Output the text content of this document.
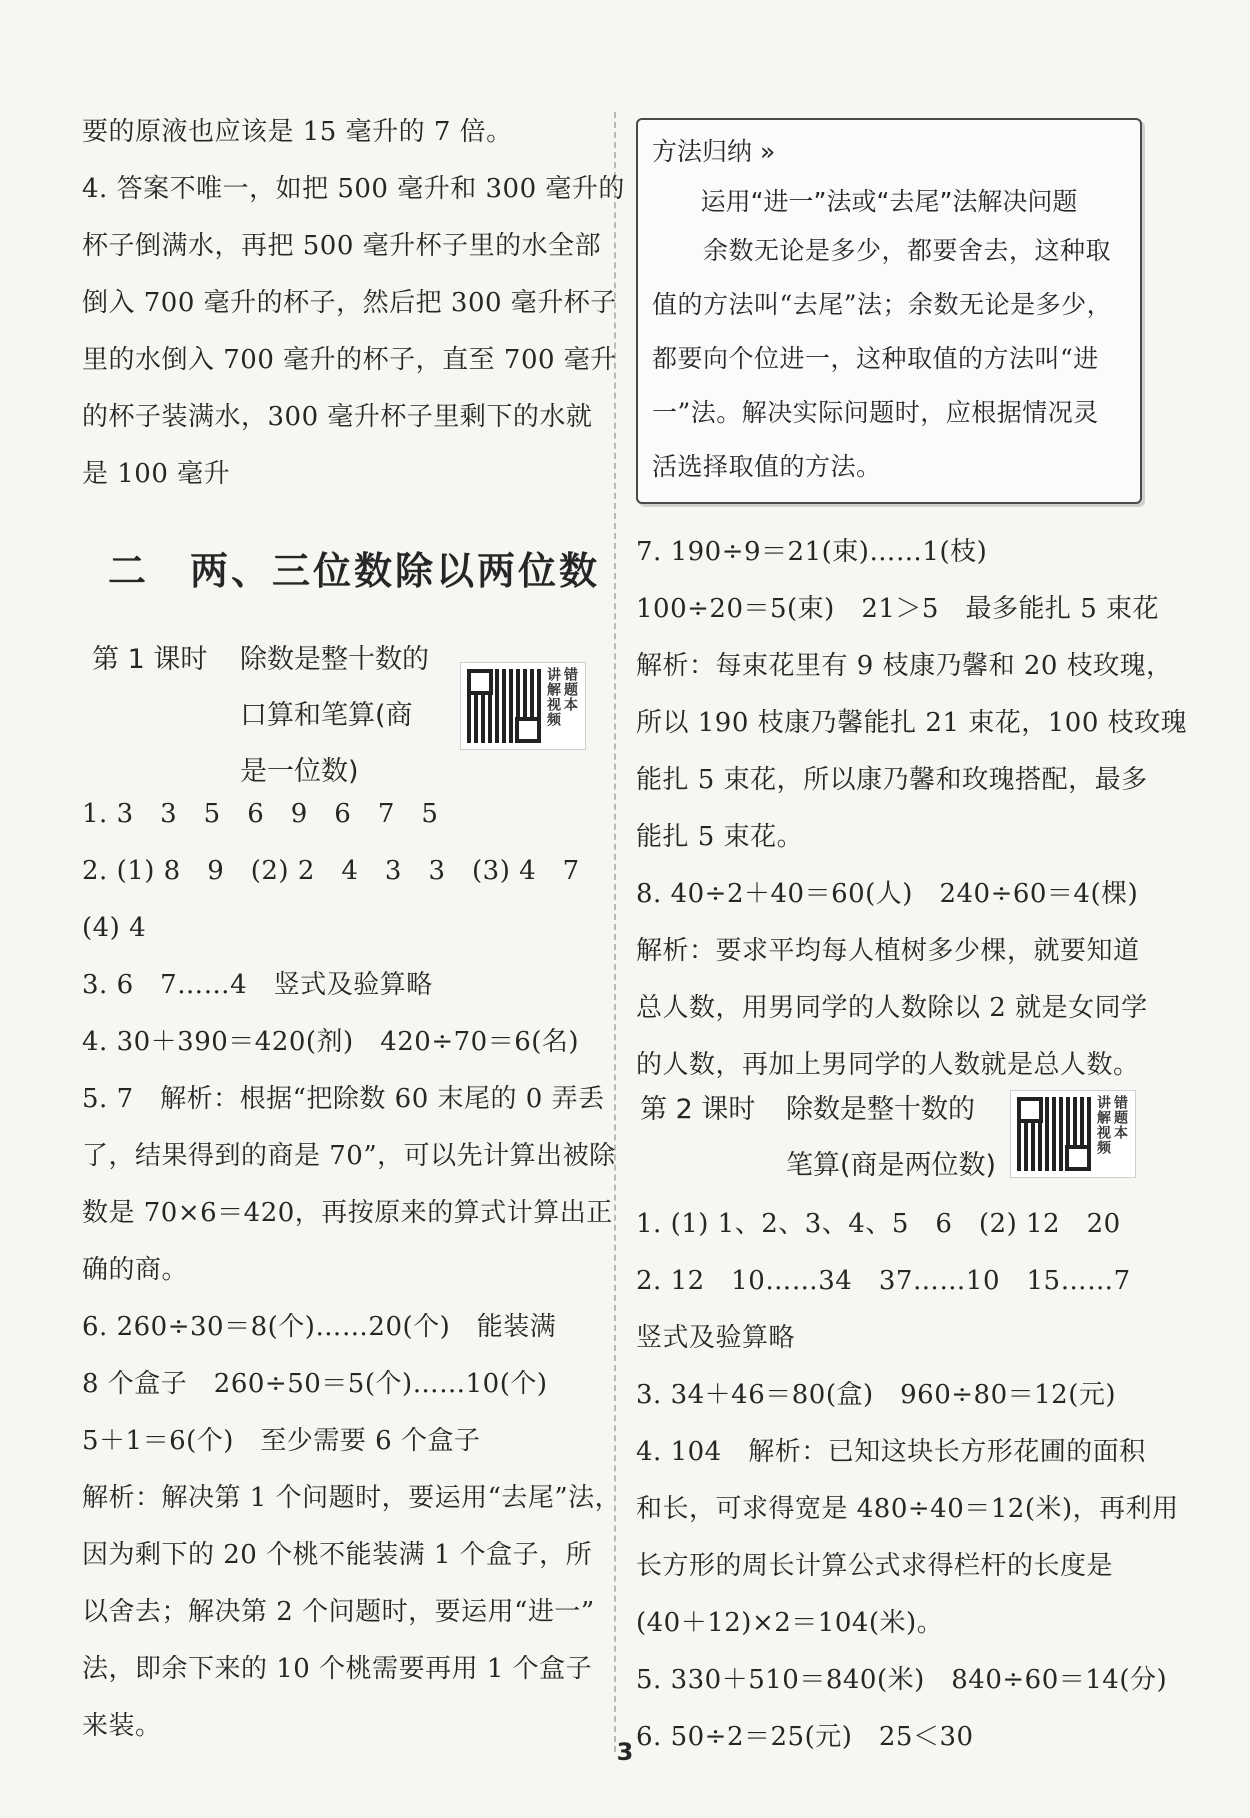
要的原液也应该是 15 毫升的 7 倍。
4. 答案不唯一，如把 500 毫升和 300 毫升的
杯子倒满水，再把 500 毫升杯子里的水全部
倒入 700 毫升的杯子，然后把 300 毫升杯子
里的水倒入 700 毫升的杯子，直至 700 毫升
的杯子装满水，300 毫升杯子里剩下的水就
是 100 毫升
二　两、三位数除以两位数
第 1 课时 除数是整十数的
口算和笔算(商
是一位数)
讲解视频
错题本
1. 3　3　5　6　9　6　7　5
2. (1) 8　9　(2) 2　4　3　3　(3) 4　7
(4) 4
3. 6　7……4　竖式及验算略
4. 30＋390＝420(剂)　420÷70＝6(名)
5. 7　解析：根据“把除数 60 末尾的 0 弄丢
了，结果得到的商是 70”，可以先计算出被除
数是 70×6＝420，再按原来的算式计算出正
确的商。
6. 260÷30＝8(个)……20(个)　能装满
8 个盒子　260÷50＝5(个)……10(个)
5＋1＝6(个)　至少需要 6 个盒子
解析：解决第 1 个问题时，要运用“去尾”法，
因为剩下的 20 个桃不能装满 1 个盒子，所
以舍去；解决第 2 个问题时，要运用“进一”
法，即余下来的 10 个桃需要再用 1 个盒子
来装。
方法归纳 »
运用“进一”法或“去尾”法解决问题
　　余数无论是多少，都要舍去，这种取
值的方法叫“去尾”法；余数无论是多少，
都要向个位进一，这种取值的方法叫“进
一”法。解决实际问题时，应根据情况灵
活选择取值的方法。
7. 190÷9＝21(束)……1(枝)
100÷20＝5(束)　21＞5　最多能扎 5 束花
解析：每束花里有 9 枝康乃馨和 20 枝玫瑰，
所以 190 枝康乃馨能扎 21 束花，100 枝玫瑰
能扎 5 束花，所以康乃馨和玫瑰搭配，最多
能扎 5 束花。
8. 40÷2＋40＝60(人)　240÷60＝4(棵)
解析：要求平均每人植树多少棵，就要知道
总人数，用男同学的人数除以 2 就是女同学
的人数，再加上男同学的人数就是总人数。
第 2 课时 除数是整十数的
笔算(商是两位数)
讲解视频
错题本
1. (1) 1、2、3、4、5　6　(2) 12　20
2. 12　10……34　37……10　15……7
竖式及验算略
3. 34＋46＝80(盒)　960÷80＝12(元)
4. 104　解析：已知这块长方形花圃的面积
和长，可求得宽是 480÷40＝12(米)，再利用
长方形的周长计算公式求得栏杆的长度是
(40＋12)×2＝104(米)。
5. 330＋510＝840(米)　840÷60＝14(分)
6. 50÷2＝25(元)　25＜30
3
